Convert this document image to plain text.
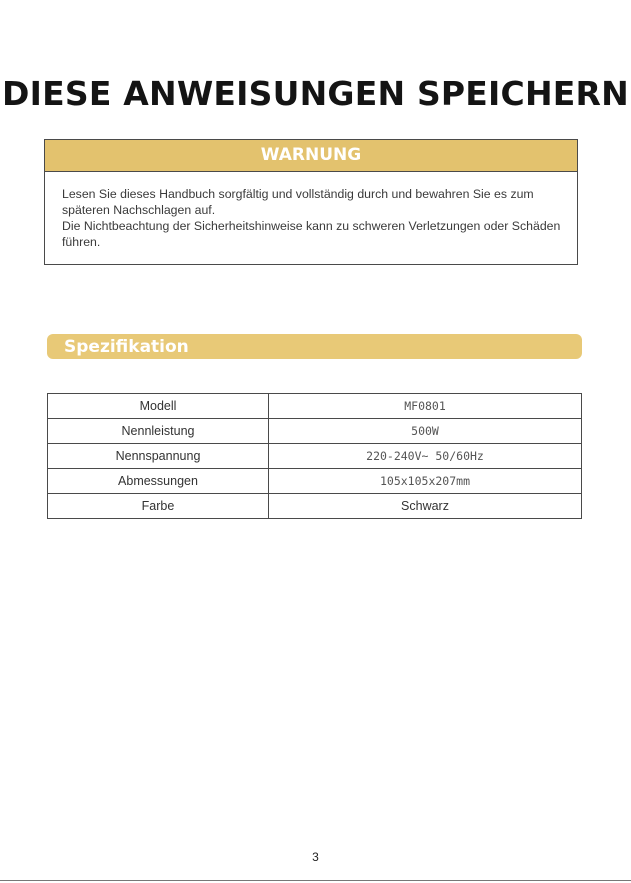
DIESE ANWEISUNGEN SPEICHERN
WARNUNG

Lesen Sie dieses Handbuch sorgfältig und vollständig durch und bewahren Sie es zum späteren Nachschlagen auf.

Die Nichtbeachtung der Sicherheitshinweise kann zu schweren Verletzungen oder Schäden führen.

Spezifikation
Modell	MF0801
Nennleistung	500W
Nennspannung	220-240V~ 50/60Hz
Abmessungen	105x105x207mm
Farbe	Schwarz
3
